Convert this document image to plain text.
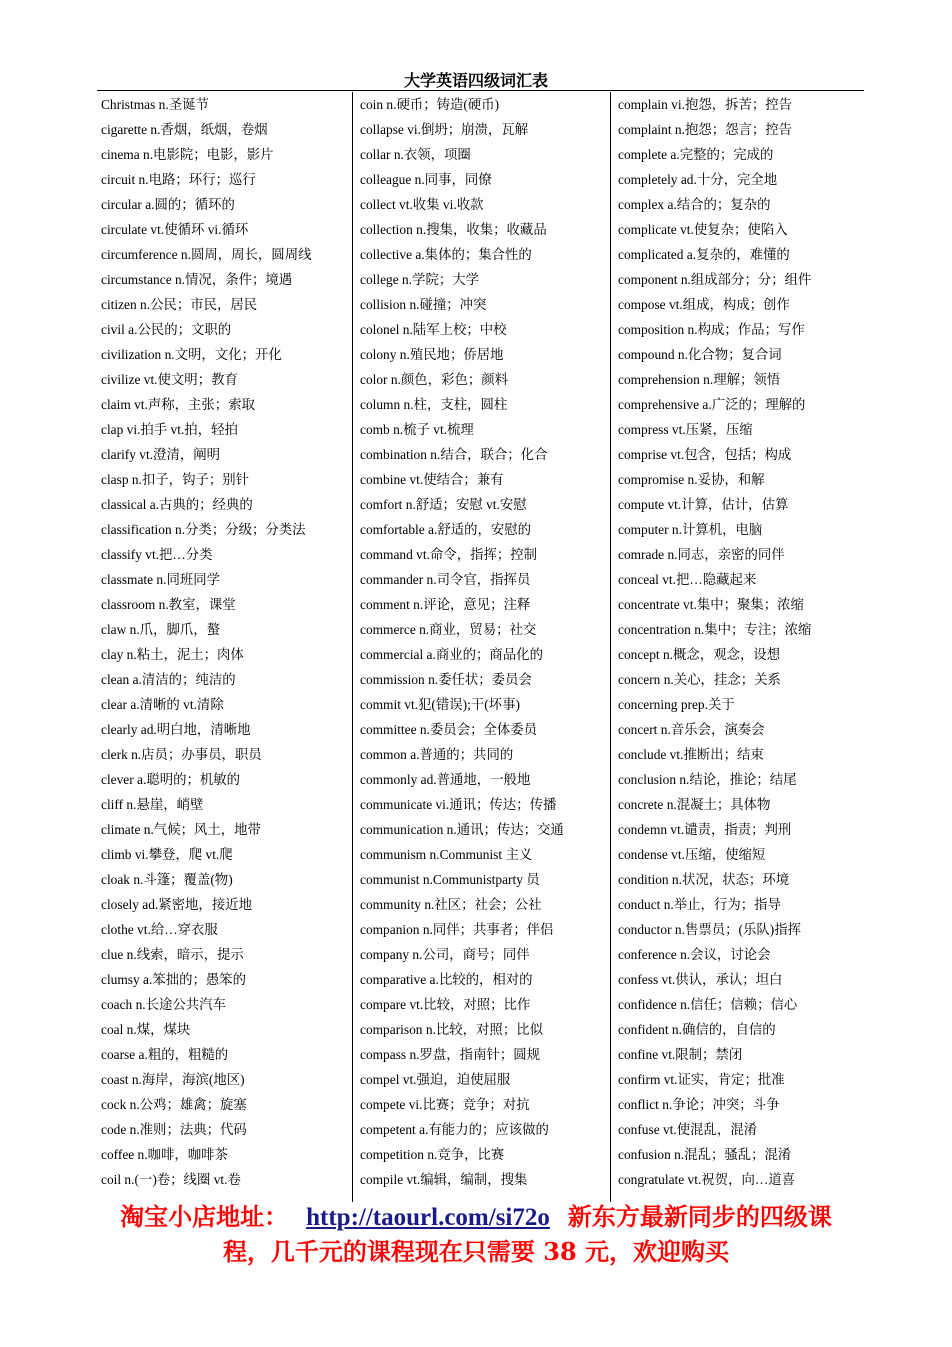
大学英语四级词汇表
Christmas n.圣诞节
cigarette n.香烟，纸烟，卷烟
cinema n.电影院；电影，影片
circuit n.电路；环行；巡行
circular a.圆的；循环的
circulate vt.使循环 vi.循环
circumference n.圆周，周长，圆周线
circumstance n.情况，条件；境遇
citizen n.公民；市民，居民
civil a.公民的；文职的
civilization n.文明，文化；开化
civilize vt.使文明；教育
claim vt.声称，主张；索取
clap vi.拍手 vt.拍，轻拍
clarify vt.澄清，阐明
clasp n.扣子，钩子；别针
classical a.古典的；经典的
classification n.分类；分级；分类法
classify vt.把…分类
classmate n.同班同学
classroom n.教室，课堂
claw n.爪，脚爪，螯
clay n.粘土，泥土；肉体
clean a.清洁的；纯洁的
clear a.清晰的 vt.清除
clearly ad.明白地，清晰地
clerk n.店员；办事员，职员
clever a.聪明的；机敏的
cliff n.悬崖，峭壁
climate n.气候；风土，地带
climb vi.攀登，爬 vt.爬
cloak n.斗篷；覆盖(物)
closely ad.紧密地，接近地
clothe vt.给…穿衣服
clue n.线索，暗示，提示
clumsy a.笨拙的；愚笨的
coach n.长途公共汽车
coal n.煤，煤块
coarse a.粗的，粗糙的
coast n.海岸，海滨(地区)
cock n.公鸡；雄禽；旋塞
code n.准则；法典；代码
coffee n.咖啡，咖啡茶
coil n.(一)卷；线圈 vt.卷
coin n.硬币；铸造(硬币)
collapse vi.倒坍；崩溃，瓦解
collar n.衣领，项圈
colleague n.同事，同僚
collect vt.收集 vi.收款
collection n.搜集，收集；收藏品
collective a.集体的；集合性的
college n.学院；大学
collision n.碰撞；冲突
colonel n.陆军上校；中校
colony n.殖民地；侨居地
color n.颜色，彩色；颜料
column n.柱，支柱，圆柱
comb n.梳子 vt.梳理
combination n.结合，联合；化合
combine vt.使结合；兼有
comfort n.舒适；安慰 vt.安慰
comfortable a.舒适的，安慰的
command vt.命令，指挥；控制
commander n.司令官，指挥员
comment n.评论，意见；注释
commerce n.商业，贸易；社交
commercial a.商业的；商品化的
commission n.委任状；委员会
commit vt.犯(错误);干(坏事)
committee n.委员会；全体委员
common a.普通的；共同的
commonly ad.普通地，一般地
communicate vi.通讯；传达；传播
communication n.通讯；传达；交通
communism n.Communist 主义
communist n.Communistparty 员
community n.社区；社会；公社
companion n.同伴；共事者；伴侣
company n.公司，商号；同伴
comparative a.比较的，相对的
compare vt.比较，对照；比作
comparison n.比较，对照；比似
compass n.罗盘，指南针；圆规
compel vt.强迫，迫使屈服
compete vi.比赛；竞争；对抗
competent a.有能力的；应该做的
competition n.竞争，比赛
compile vt.编辑，编制，搜集
complain vi.抱怨，拆苦；控告
complaint n.抱怨；怨言；控告
complete a.完整的；完成的
completely ad.十分，完全地
complex a.结合的；复杂的
complicate vt.使复杂；使陷入
complicated a.复杂的，难懂的
component n.组成部分；分；组件
compose vt.组成，构成；创作
composition n.构成；作品；写作
compound n.化合物；复合词
comprehension n.理解；领悟
comprehensive a.广泛的；理解的
compress vt.压紧，压缩
comprise vt.包含，包括；构成
compromise n.妥协，和解
compute vt.计算，估计，估算
computer n.计算机，电脑
comrade n.同志，亲密的同伴
conceal vt.把…隐藏起来
concentrate vt.集中；聚集；浓缩
concentration n.集中；专注；浓缩
concept n.概念，观念，设想
concern n.关心，挂念；关系
concerning prep.关于
concert n.音乐会，演奏会
conclude vt.推断出；结束
conclusion n.结论，推论；结尾
concrete n.混凝土；具体物
condemn vt.谴责，指责；判刑
condense vt.压缩，使缩短
condition n.状况，状态；环境
conduct n.举止，行为；指导
conductor n.售票员；(乐队)指挥
conference n.会议，讨论会
confess vt.供认，承认；坦白
confidence n.信任；信赖；信心
confident n.确信的，自信的
confine vt.限制；禁闭
confirm vt.证实，肯定；批准
conflict n.争论；冲突；斗争
confuse vt.使混乱，混淆
confusion n.混乱；骚乱；混淆
congratulate vt.祝贺，向…道喜
淘宝小店地址： http://taourl.com/si72o 新东方最新同步的四级课
程，几千元的课程现在只需要 38 元，欢迎购买
